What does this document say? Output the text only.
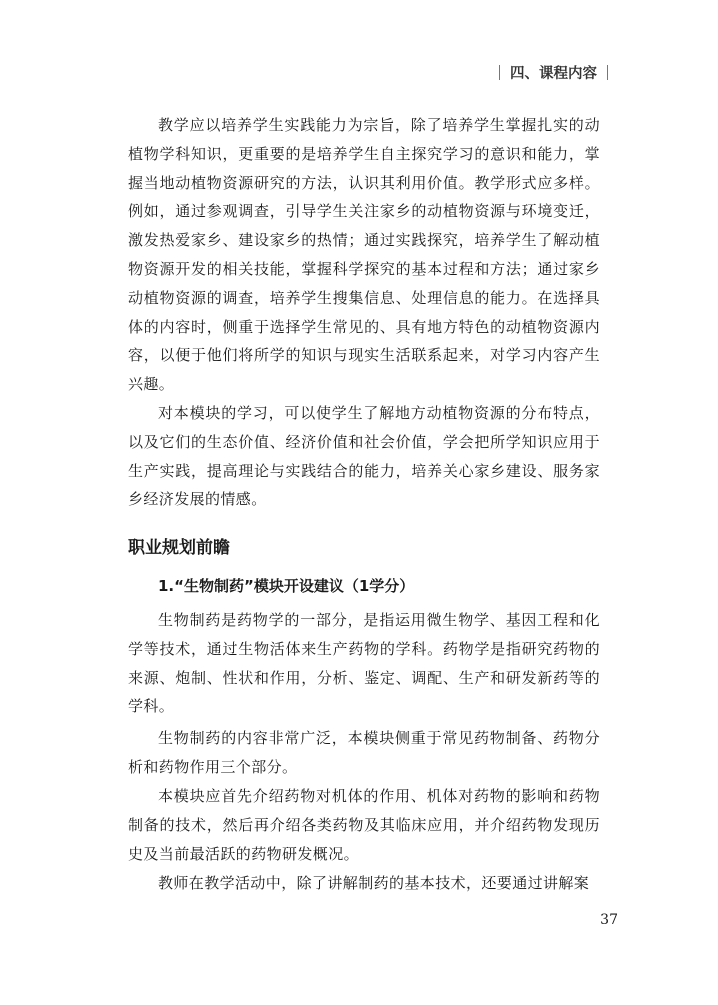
四、课程内容

教学应以培养学生实践能力为宗旨，除了培养学生掌握扎实的动植物学科知识，更重要的是培养学生自主探究学习的意识和能力，掌握当地动植物资源研究的方法，认识其利用价值。教学形式应多样。例如，通过参观调查，引导学生关注家乡的动植物资源与环境变迁，激发热爱家乡、建设家乡的热情；通过实践探究，培养学生了解动植物资源开发的相关技能，掌握科学探究的基本过程和方法；通过家乡动植物资源的调查，培养学生搜集信息、处理信息的能力。在选择具体的内容时，侧重于选择学生常见的、具有地方特色的动植物资源内容，以便于他们将所学的知识与现实生活联系起来，对学习内容产生兴趣。

对本模块的学习，可以使学生了解地方动植物资源的分布特点，以及它们的生态价值、经济价值和社会价值，学会把所学知识应用于生产实践，提高理论与实践结合的能力，培养关心家乡建设、服务家乡经济发展的情感。

职业规划前瞻
1.“生物制药”模块开设建议（1学分）

生物制药是药物学的一部分，是指运用微生物学、基因工程和化学等技术，通过生物活体来生产药物的学科。药物学是指研究药物的来源、炮制、性状和作用，分析、鉴定、调配、生产和研发新药等的学科。

生物制药的内容非常广泛，本模块侧重于常见药物制备、药物分析和药物作用三个部分。

本模块应首先介绍药物对机体的作用、机体对药物的影响和药物制备的技术，然后再介绍各类药物及其临床应用，并介绍药物发现历史及当前最活跃的药物研发概况。

教师在教学活动中，除了讲解制药的基本技术，还要通过讲解案

37
